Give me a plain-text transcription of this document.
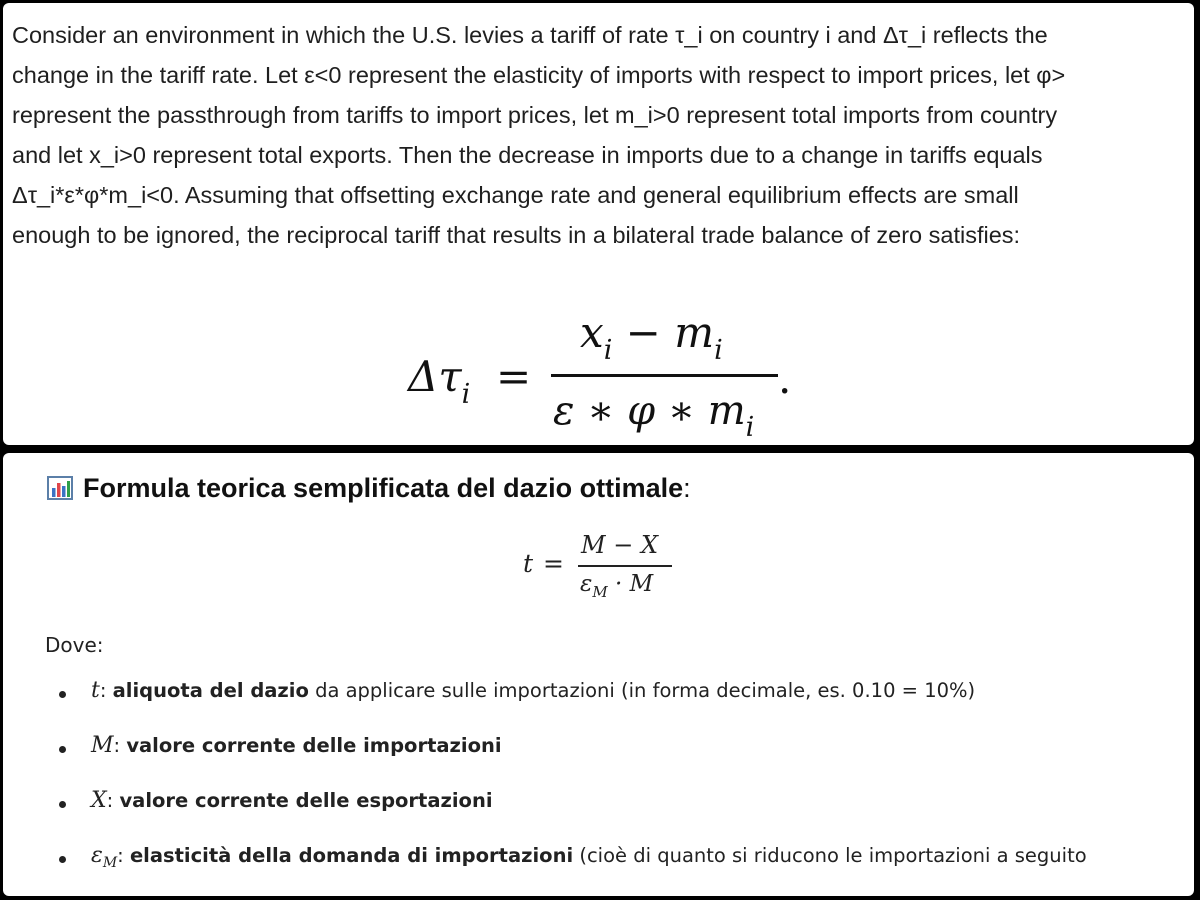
Consider an environment in which the U.S. levies a tariff of rate τ_i on country i and Δτ_i reflects the
change in the tariff rate. Let ε<0 represent the elasticity of imports with respect to import prices, let φ>
represent the passthrough from tariffs to import prices, let m_i>0 represent total imports from country
and let x_i>0 represent total exports. Then the decrease in imports due to a change in tariffs equals
Δτ_i*ε*φ*m_i<0. Assuming that offsetting exchange rate and general equilibrium effects are small
enough to be ignored, the reciprocal tariff that results in a bilateral trade balance of zero satisfies:
$\Delta\tau_i$ =
$x_i - m_i$
ε ∗ φ ∗ $m_i$
.
Formula teorica semplificata del dazio ottimale:
t =
M − X
$\varepsilon_M \cdot M$
Dove:
t: aliquota del dazio da applicare sulle importazioni (in forma decimale, es. 0.10 = 10%)
M: valore corrente delle importazioni
X: valore corrente delle esportazioni
$\varepsilon_M$: elasticità della domanda di importazioni (cioè di quanto si riducono le importazioni a seguito
